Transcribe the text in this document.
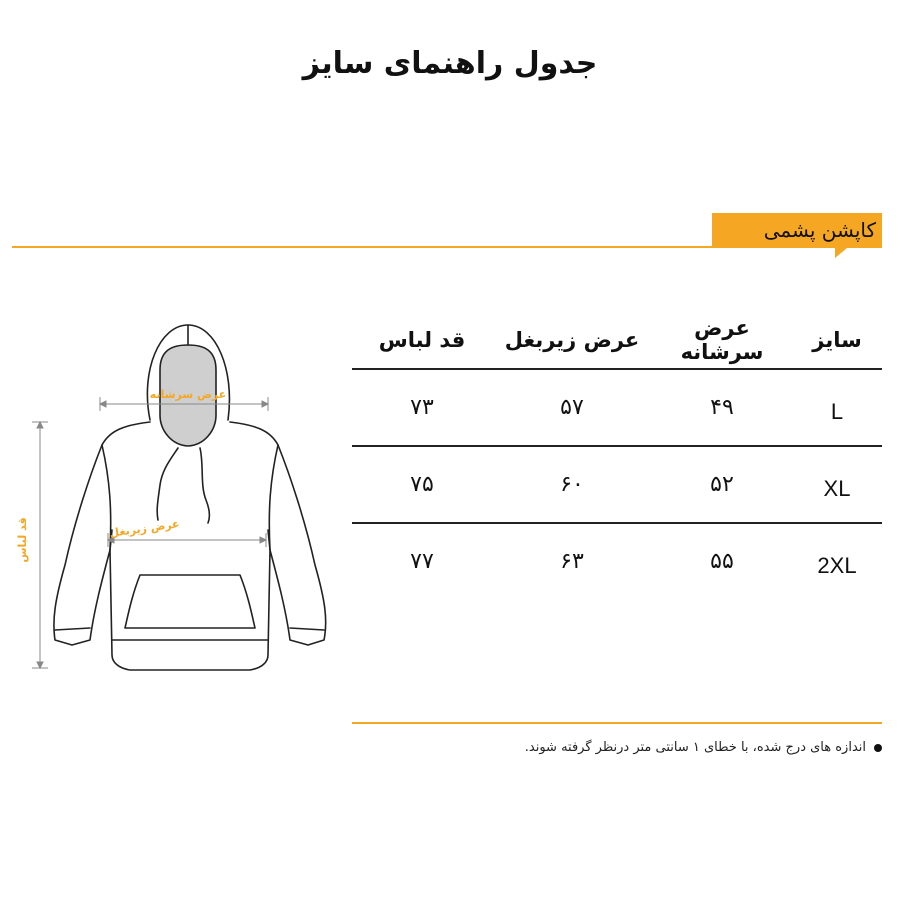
جدول راهنمای سایز
کاپشن پشمی
عرض سرشانه
عرض زیربغل
قد لباس
سایز	عرض سرشانه	عرض زیربغل	قد لباس
L	۴۹	۵۷	۷۳
XL	۵۲	۶۰	۷۵
2XL	۵۵	۶۳	۷۷
اندازه های درج شده، با خطای ۱ سانتی متر درنظر گرفته شوند.
